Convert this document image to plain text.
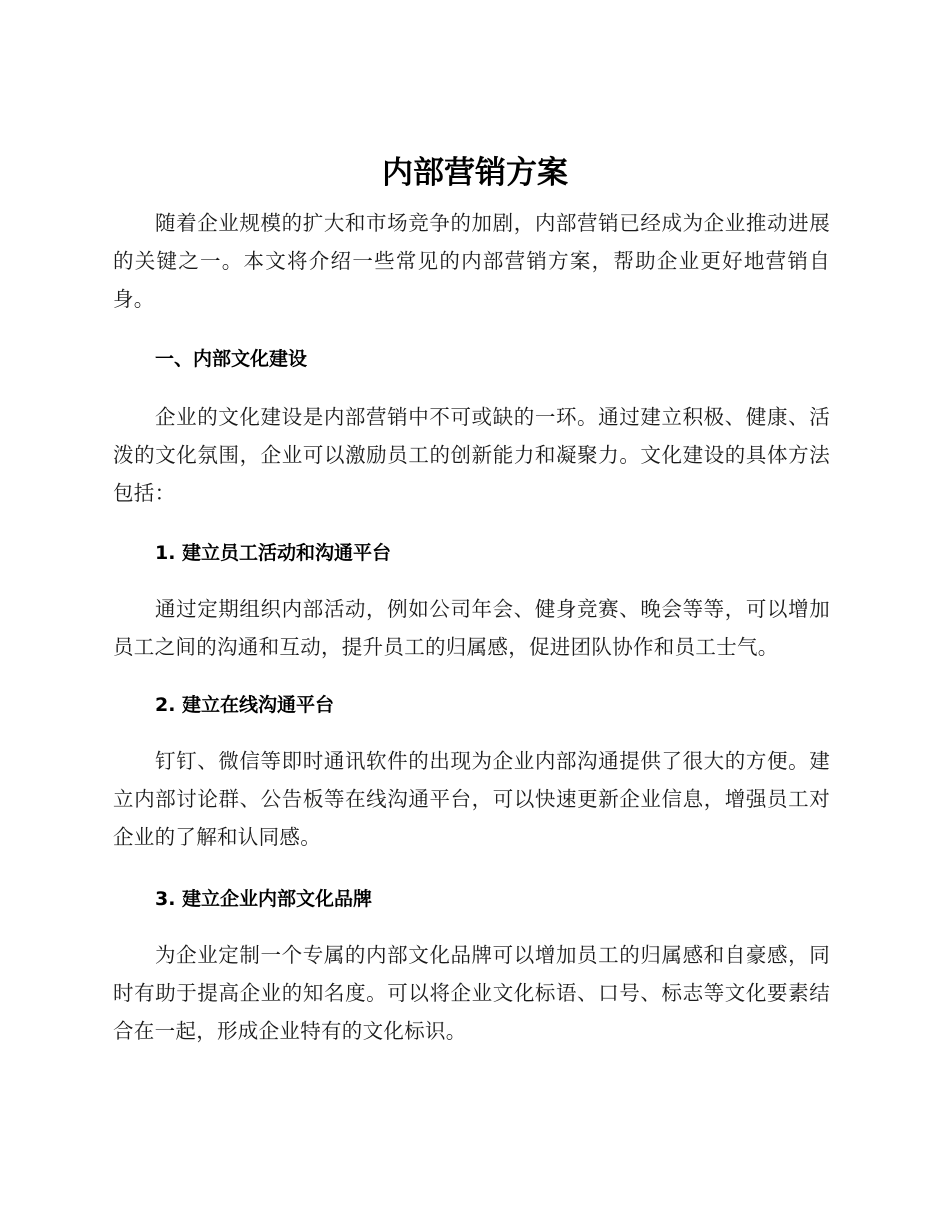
内部营销方案

随着企业规模的扩大和市场竞争的加剧，内部营销已经成为企业推动进展的关键之一。本文将介绍一些常见的内部营销方案，帮助企业更好地营销自身。

一、内部文化建设

企业的文化建设是内部营销中不可或缺的一环。通过建立积极、健康、活泼的文化氛围，企业可以激励员工的创新能力和凝聚力。文化建设的具体方法包括：

1. 建立员工活动和沟通平台

通过定期组织内部活动，例如公司年会、健身竞赛、晚会等等，可以增加员工之间的沟通和互动，提升员工的归属感，促进团队协作和员工士气。

2. 建立在线沟通平台

钉钉、微信等即时通讯软件的出现为企业内部沟通提供了很大的方便。建立内部讨论群、公告板等在线沟通平台，可以快速更新企业信息，增强员工对企业的了解和认同感。

3. 建立企业内部文化品牌

为企业定制一个专属的内部文化品牌可以增加员工的归属感和自豪感，同时有助于提高企业的知名度。可以将企业文化标语、口号、标志等文化要素结合在一起，形成企业特有的文化标识。
